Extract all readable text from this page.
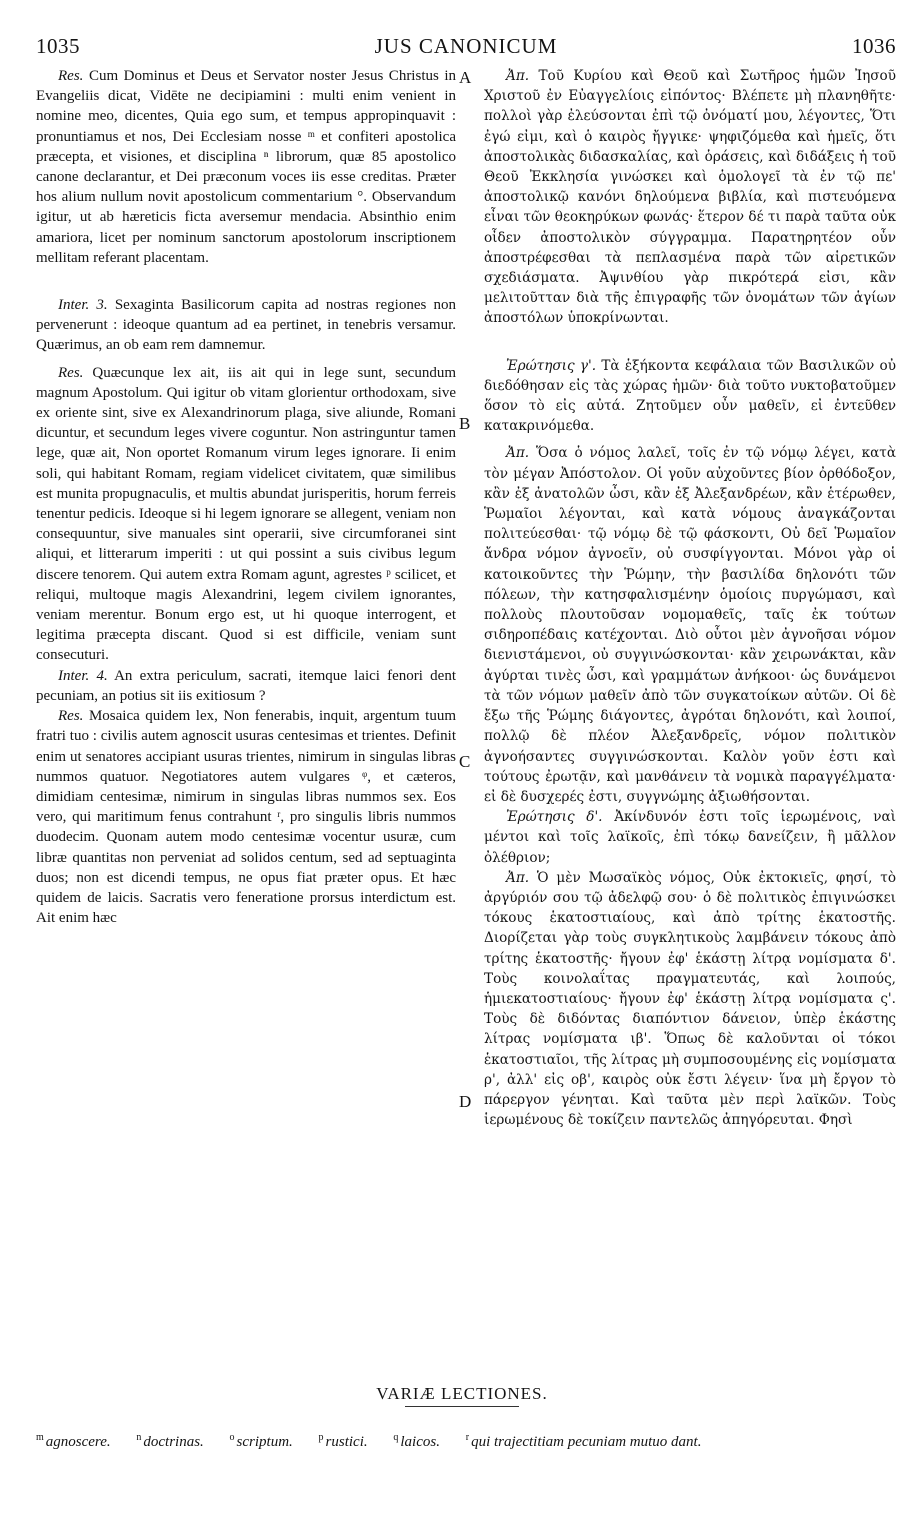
1035	JUS CANONICUM	1036

Res. Cum Dominus et Deus et Servator noster Jesus Christus in Evangeliis dicat, Vidēte ne decipiamini : multi enim venient in nomine meo, dicentes, Quia ego sum, et tempus appropinquavit : pronuntiamus et nos, Dei Ecclesiam nosse ᵐ et confiteri apostolica præcepta, et visiones, et disciplina ⁿ librorum, quæ 85 apostolico canone declarantur, et Dei præconum voces iis esse creditas. Præter hos alium nullum novit apostolicum commentarium °. Observandum igitur, ut ab hæreticis ficta aversemur mendacia. Absinthio enim amariora, licet per nominum sanctorum apostolorum inscriptionem mellitam referant placentam.

Inter. 3. Sexaginta Basilicorum capita ad nostras regiones non pervenerunt : ideoque quantum ad ea pertinet, in tenebris versamur. Quærimus, an ob eam rem damnemur.

Res. Quæcunque lex ait, iis ait qui in lege sunt, secundum magnum Apostolum. Qui igitur ob vitam glorientur orthodoxam, sive ex oriente sint, sive ex Alexandrinorum plaga, sive aliunde, Romani dicuntur, et secundum leges vivere coguntur. Non astringuntur tamen lege, quæ ait, Non oportet Romanum virum leges ignorare. Ii enim soli, qui habitant Romam, regiam videlicet civitatem, quæ similibus est munita propugnaculis, et multis abundat jurisperitis, horum ferreis tenentur pedicis. Ideoque si hi legem ignorare se allegent, veniam non consequuntur, sive manuales sint operarii, sive circumforanei sint aliqui, et litterarum imperiti : ut qui possint a suis civibus legum discere tenorem. Qui autem extra Romam agunt, agrestes ᵖ scilicet, et reliqui, multoque magis Alexandrini, legem civilem ignorantes, veniam merentur. Bonum ergo est, ut hi quoque interrogent, et legitima præcepta discant. Quod si est difficile, veniam sunt consecuturi.

Inter. 4. An extra periculum, sacrati, itemque laici fenori dent pecuniam, an potius sit iis exitiosum ?

Res. Mosaica quidem lex, Non fenerabis, inquit, argentum tuum fratri tuo : civilis autem agnoscit usuras centesimas et trientes. Definit enim ut senatores accipiant usuras trientes, nimirum in singulas libras nummos quatuor. Negotiatores autem vulgares ᵠ, et cæteros, dimidiam centesimæ, nimirum in singulas libras nummos sex. Eos vero, qui maritimum fenus contrahunt ʳ, pro singulis libris nummos duodecim. Quonam autem modo centesimæ vocentur usuræ, cum libræ quantitas non perveniat ad solidos centum, sed ad septuaginta duos; non est dicendi tempus, ne opus fiat præter opus. Et hæc quidem de laicis. Sacratis vero fenerationе prorsus interdictum est. Ait enim hæc

A
B
C
D

Ἀπ. Τοῦ Κυρίου καὶ Θεοῦ καὶ Σωτῆρος ἡμῶν Ἰησοῦ Χριστοῦ ἐν Εὐαγγελίοις εἰπόντος· Βλέπετε μὴ πλανηθῆτε· πολλοὶ γὰρ ἐλεύσονται ἐπὶ τῷ ὀνόματί μου, λέγοντες, Ὅτι ἐγώ εἰμι, καὶ ὁ καιρὸς ἤγγικε· ψηφιζόμεθα καὶ ἡμεῖς, ὅτι ἀποστολικὰς διδασκαλίας, καὶ ὁράσεις, καὶ διδάξεις ἡ τοῦ Θεοῦ Ἐκκλησία γινώσκει καὶ ὁμολογεῖ τὰ ἐν τῷ πε' ἀποστολικῷ κανόνι δηλούμενα βιβλία, καὶ πιστευόμενα εἶναι τῶν θεοκηρύκων φωνάς· ἕτερον δέ τι παρὰ ταῦτα οὐκ οἶδεν ἀποστολικὸν σύγγραμμα. Παρατηρητέον οὖν ἀποστρέφεσθαι τὰ πεπλασμένα παρὰ τῶν αἱρετικῶν σχεδιάσματα. Ἀψινθίου γὰρ πικρότερά εἰσι, κἂν μελιτοῦτταν διὰ τῆς ἐπιγραφῆς τῶν ὀνομάτων τῶν ἁγίων ἀποστόλων ὑποκρίνωνται.

Ἐρώτησις γ'. Τὰ ἑξήκοντα κεφάλαια τῶν Βασιλικῶν οὐ διεδόθησαν εἰς τὰς χώρας ἡμῶν· διὰ τοῦτο νυκτοβατοῦμεν ὅσον τὸ εἰς αὐτά. Ζητοῦμεν οὖν μαθεῖν, εἰ ἐντεῦθεν κατακρινόμεθα.

Ἀπ. Ὅσα ὁ νόμος λαλεῖ, τοῖς ἐν τῷ νόμῳ λέγει, κατὰ τὸν μέγαν Ἀπόστολον. Οἱ γοῦν αὐχοῦντες βίον ὀρθόδοξον, κἂν ἐξ ἀνατολῶν ὦσι, κἂν ἐξ Ἀλεξανδρέων, κἂν ἑτέρωθεν, Ῥωμαῖοι λέγονται, καὶ κατὰ νόμους ἀναγκάζονται πολιτεύεσθαι· τῷ νόμῳ δὲ τῷ φάσκοντι, Οὐ δεῖ Ῥωμαῖον ἄνδρα νόμον ἀγνοεῖν, οὐ συσφίγγονται. Μόνοι γὰρ οἱ κατοικοῦντες τὴν Ῥώμην, τὴν βασιλίδα δηλονότι τῶν πόλεων, τὴν κατησφαλισμένην ὁμοίοις πυργώμασι, καὶ πολλοὺς πλουτοῦσαν νομομαθεῖς, ταῖς ἐκ τούτων σιδηροπέδαις κατέχονται. Διὸ οὗτοι μὲν ἀγνοῆσαι νόμον διενιστάμενοι, οὐ συγγινώσκονται· κἂν χειρωνάκται, κἂν ἀγύρται τινὲς ὦσι, καὶ γραμμάτων ἀνήκοοι· ὡς δυνάμενοι τὰ τῶν νόμων μαθεῖν ἀπὸ τῶν συγκατοίκων αὐτῶν. Οἱ δὲ ἔξω τῆς Ῥώμης διάγοντες, ἀγρόται δηλονότι, καὶ λοιποί, πολλῷ δὲ πλέον Ἀλεξανδρεῖς, νόμον πολιτικὸν ἀγνοήσαντες συγγινώσκονται. Καλὸν γοῦν ἐστι καὶ τούτους ἐρωτᾷν, καὶ μανθάνειν τὰ νομικὰ παραγγέλματα· εἰ δὲ δυσχερές ἐστι, συγγνώμης ἀξιωθήσονται.

Ἐρώτησις δ'. Ἀκίνδυνόν ἐστι τοῖς ἱερωμένοις, ναὶ μέντοι καὶ τοῖς λαϊκοῖς, ἐπὶ τόκῳ δανείζειν, ἢ μᾶλλον ὀλέθριον;

Ἀπ. Ὁ μὲν Μωσαϊκὸς νόμος, Οὐκ ἐκτοκιεῖς, φησί, τὸ ἀργύριόν σου τῷ ἀδελφῷ σου· ὁ δὲ πολιτικὸς ἐπιγινώσκει τόκους ἑκατοστιαίους, καὶ ἀπὸ τρίτης ἑκατοστῆς. Διορίζεται γὰρ τοὺς συγκλητικοὺς λαμβάνειν τόκους ἀπὸ τρίτης ἑκατοστῆς· ἤγουν ἐφ' ἑκάστῃ λίτρᾳ νομίσματα δ'. Τοὺς κοινολαΐτας πραγματευτάς, καὶ λοιπούς, ἡμιεκατοστιαίους· ἤγουν ἐφ' ἑκάστῃ λίτρᾳ νομίσματα ς'. Τοὺς δὲ διδόντας διαπόντιον δάνειον, ὑπὲρ ἑκάστης λίτρας νομίσματα ιβ'. Ὅπως δὲ καλοῦνται οἱ τόκοι ἑκατοστιαῖοι, τῆς λίτρας μὴ συμποσουμένης εἰς νομίσματα ρ', ἀλλ' εἰς οβ', καιρὸς οὐκ ἔστι λέγειν· ἵνα μὴ ἔργον τὸ πάρεργον γένηται. Καὶ ταῦτα μὲν περὶ λαϊκῶν. Τοὺς ἱερωμένους δὲ τοκίζειν παντελῶς ἀπηγόρευται. Φησὶ

VARIÆ LECTIONES.
$^m$ agnoscere.	$^n$ doctrinas.	$^o$ scriptum.	$^p$ rustici.	$^q$ laicos.	$^r$ qui trajectitiam pecuniam mutuo dant.
